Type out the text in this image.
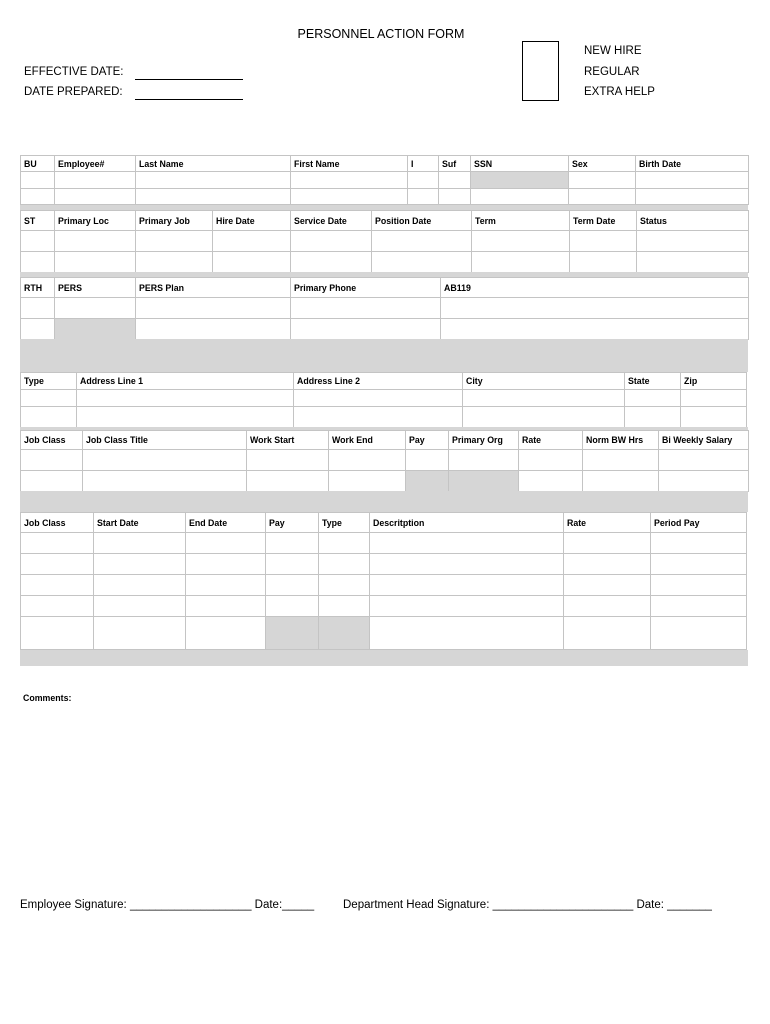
PERSONNEL ACTION FORM
EFFECTIVE DATE:
DATE PREPARED:
NEW HIRE
REGULAR
EXTRA HELP
BU	Employee#	Last Name	First Name	I	Suf	SSN	Sex	Birth Date

ST	Primary Loc	Primary Job	Hire Date	Service Date	Position Date	Term	Term Date	Status

RTH	PERS	PERS Plan	Primary Phone	AB119

Type	Address Line 1	Address Line 2	City	State	Zip

Job Class	Job Class Title	Work Start	Work End	Pay	Primary Org	Rate	Norm BW Hrs	Bi Weekly Salary

Job Class	Start Date	End Date	Pay	Type	Descritption	Rate	Period Pay

Comments:
Employee Signature: ___________________ Date:_____	Department Head Signature: ______________________ Date: _______
